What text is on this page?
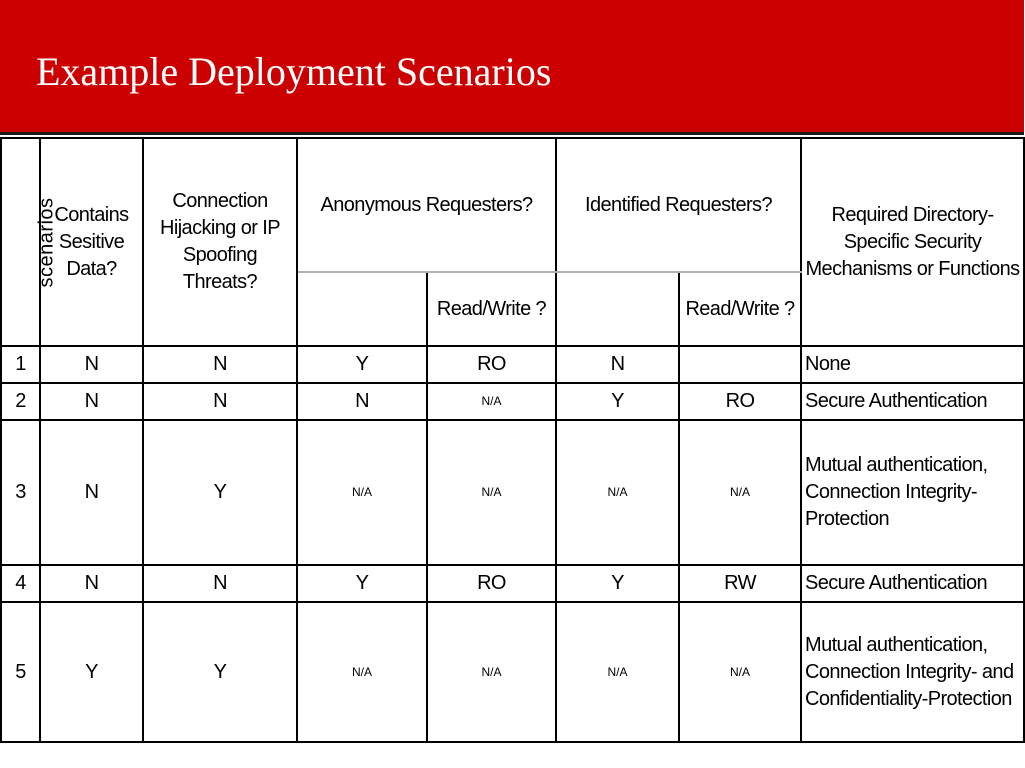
Example Deployment Scenarios
scenarios	Contains Sesitive Data?	Connection Hijacking or IP Spoofing Threats?	Anonymous Requesters?		Identified Requesters?		Required Directory-Specific Security Mechanisms or Functions
				Read/Write ?		Read/Write ?	
1	N	N	Y	RO	N		None
2	N	N	N	N/A	Y	RO	Secure Authentication
3	N	Y	N/A	N/A	N/A	N/A	Mutual authentication, Connection Integrity-Protection
4	N	N	Y	RO	Y	RW	Secure Authentication
5	Y	Y	N/A	N/A	N/A	N/A	Mutual authentication, Connection Integrity- and Confidentiality-Protection
